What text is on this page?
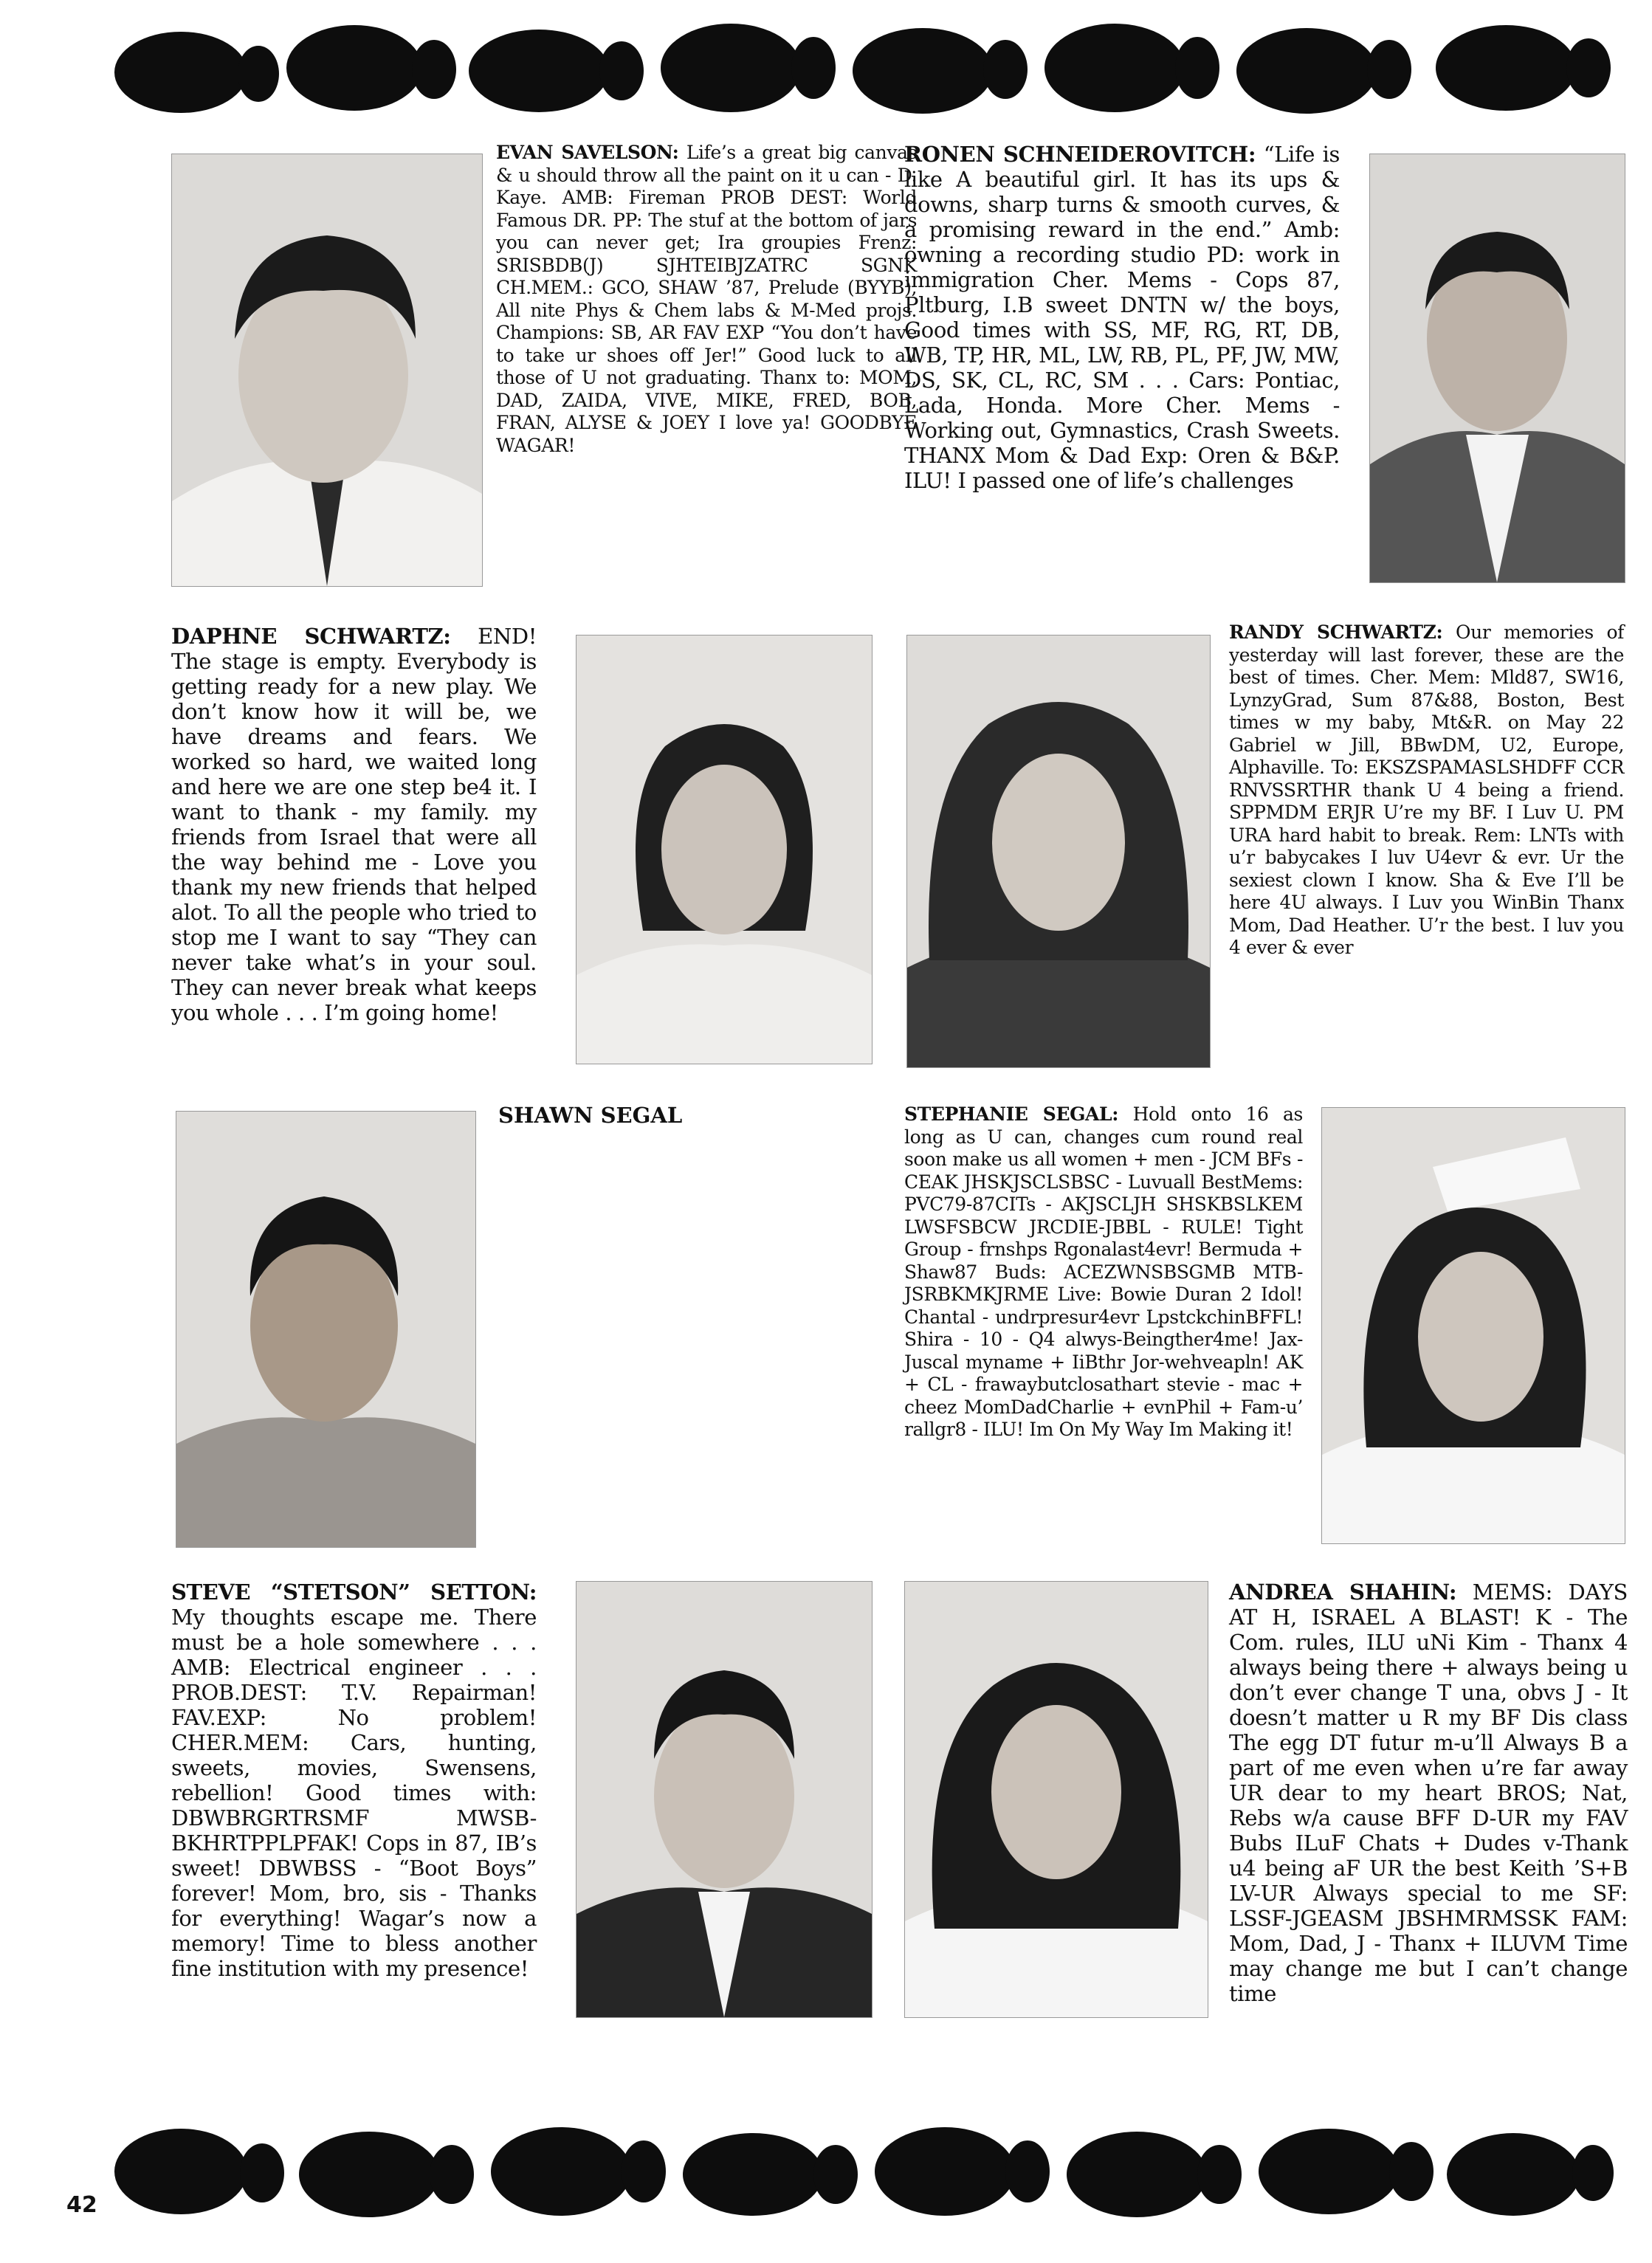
EVAN SAVELSON: Life’s a great big canvas & u should throw all the paint on it u can - D. Kaye. AMB: Fireman PROB DEST: World Famous DR. PP: The stuf at the bottom of jars you can never get; Ira groupies Frenz: SRISBDB(J) SJHTEIBJZATRC SGNK CH.MEM.: GCO, SHAW ’87, Prelude (BYYB), All nite Phys & Chem labs & M-Med projs. Champions: SB, AR FAV EXP “You don’t have to take ur shoes off Jer!” Good luck to all those of U not graduating. Thanx to: MOM, DAD, ZAIDA, VIVE, MIKE, FRED, BOB, FRAN, ALYSE & JOEY I love ya! GOODBYE WAGAR!
RONEN SCHNEIDEROVITCH: “Life is like A beautiful girl. It has its ups & downs, sharp turns & smooth curves, & a promising reward in the end.” Amb: owning a recording studio PD: work in immigration Cher. Mems - Cops 87, Pltburg, I.B sweet DNTN w/ the boys, Good times with SS, MF, RG, RT, DB, WB, TP, HR, ML, LW, RB, PL, PF, JW, MW, DS, SK, CL, RC, SM . . . Cars: Pontiac, Lada, Honda. More Cher. Mems - Working out, Gymnastics, Crash Sweets. THANX Mom & Dad Exp: Oren & B&P. ILU! I passed one of life’s challenges
DAPHNE SCHWARTZ: END! The stage is empty. Everybody is getting ready for a new play. We don’t know how it will be, we have dreams and fears. We worked so hard, we waited long and here we are one step be4 it. I want to thank - my family. my friends from Israel that were all the way behind me - Love you thank my new friends that helped alot. To all the people who tried to stop me I want to say “They can never take what’s in your soul. They can never break what keeps you whole . . . I’m going home!
RANDY SCHWARTZ: Our memories of yesterday will last forever, these are the best of times. Cher. Mem: Mld87, SW16, LynzyGrad, Sum 87&88, Boston, Best times w my baby, Mt&R. on May 22 Gabriel w Jill, BBwDM, U2, Europe, Alphaville. To: EKSZSPAMASLSHDFF CCR RNVSSRTHR thank U 4 being a friend. SPPMDM ERJR U’re my BF. I Luv U. PM URA hard habit to break. Rem: LNTs with u’r babycakes I luv U4evr & evr. Ur the sexiest clown I know. Sha & Eve I’ll be here 4U always. I Luv you WinBin Thanx Mom, Dad Heather. U’r the best. I luv you 4 ever & ever
SHAWN SEGAL	STEPHANIE SEGAL: Hold onto 16 as long as U can, changes cum round real soon make us all women + men - JCM BFs - CEAK JHSKJSCLSBSC - Luvuall BestMems: PVC79-87CITs - AKJSCLJH SHSKBSLKEM LWSFSBCW JRCDIE-JBBL - RULE! Tight Group - frnshps Rgonalast4evr! Bermuda + Shaw87 Buds: ACEZWNSBSGMB MTB-JSRBKMKJRME Live: Bowie Duran 2 Idol! Chantal - undrpresur4evr LpstckchinBFFL! Shira - 10 - Q4 alwys-Beingther4me! Jax-Juscal myname + IiBthr Jor-wehveapln! AK + CL - frawaybutclosathart stevie - mac + cheez MomDadCharlie + evnPhil + Fam-u’ rallgr8 - ILU! Im On My Way Im Making it!
STEVE “STETSON” SETTON: My thoughts escape me. There must be a hole somewhere . . . AMB: Electrical engineer . . . PROB.DEST: T.V. Repairman! FAV.EXP: No problem! CHER.MEM: Cars, hunting, sweets, movies, Swensens, rebellion! Good times with: DBWBRGRTRSMF MWSB-BKHRTPPLPFAK! Cops in 87, IB’s sweet! DBWBSS - “Boot Boys” forever! Mom, bro, sis - Thanks for everything! Wagar’s now a memory! Time to bless another fine institution with my presence!
ANDREA SHAHIN: MEMS: DAYS AT H, ISRAEL A BLAST! K - The Com. rules, ILU uNi Kim - Thanx 4 always being there + always being u don’t ever change T una, obvs J - It doesn’t matter u R my BF Dis class The egg DT futur m-u’ll Always B a part of me even when u’re far away UR dear to my heart BROS; Nat, Rebs w/a cause BFF D-UR my FAV Bubs ILuF Chats + Dudes v-Thank u4 being aF UR the best Keith ’S+B LV-UR Always special to me SF: LSSF-JGEASM JBSHMRMSSK FAM: Mom, Dad, J - Thanx + ILUVM Time may change me but I can’t change time
42
